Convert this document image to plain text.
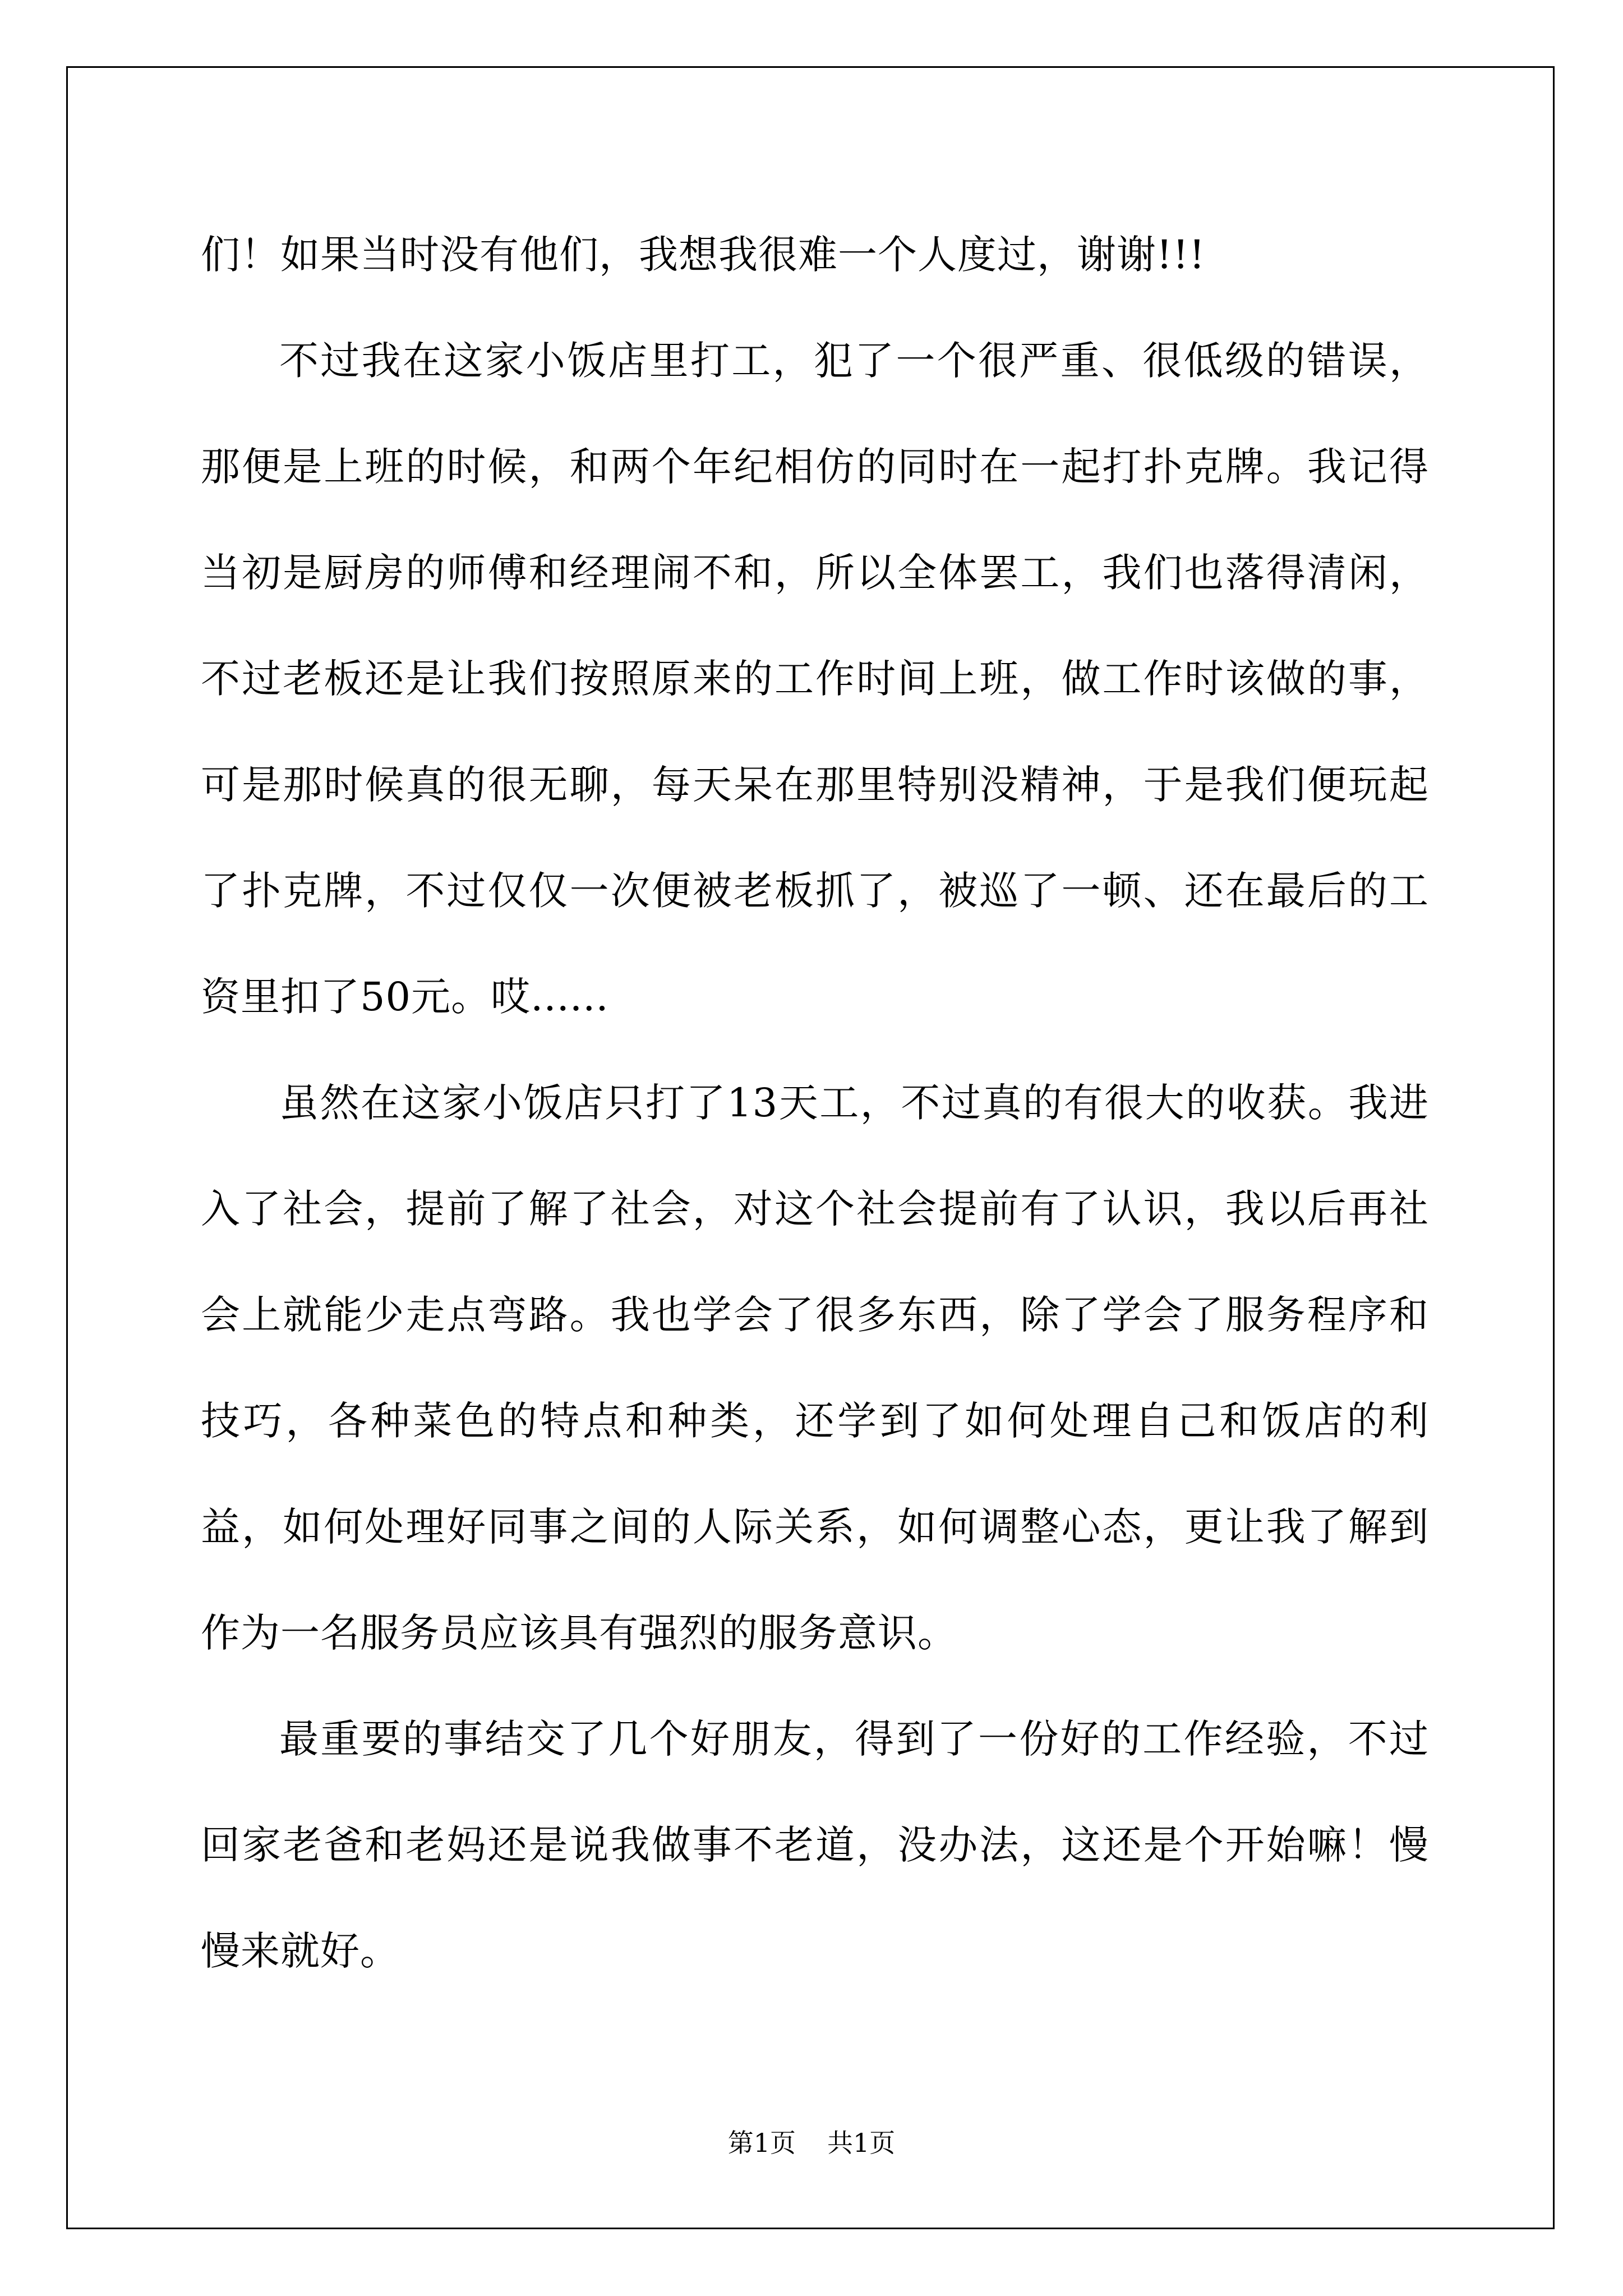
们！如果当时没有他们，我想我很难一个人度过，谢谢!!!

不过我在这家小饭店里打工，犯了一个很严重、很低级的错误，那便是上班的时候，和两个年纪相仿的同时在一起打扑克牌。我记得当初是厨房的师傅和经理闹不和，所以全体罢工，我们也落得清闲，不过老板还是让我们按照原来的工作时间上班，做工作时该做的事，可是那时候真的很无聊，每天呆在那里特别没精神，于是我们便玩起了扑克牌，不过仅仅一次便被老板抓了，被巡了一顿、还在最后的工资里扣了50元。哎......

虽然在这家小饭店只打了13天工，不过真的有很大的收获。我进入了社会，提前了解了社会，对这个社会提前有了认识，我以后再社会上就能少走点弯路。我也学会了很多东西，除了学会了服务程序和技巧，各种菜色的特点和种类，还学到了如何处理自己和饭店的利益，如何处理好同事之间的人际关系，如何调整心态，更让我了解到作为一名服务员应该具有强烈的服务意识。

最重要的事结交了几个好朋友，得到了一份好的工作经验，不过回家老爸和老妈还是说我做事不老道，没办法，这还是个开始嘛！慢慢来就好。

第1页 共1页
